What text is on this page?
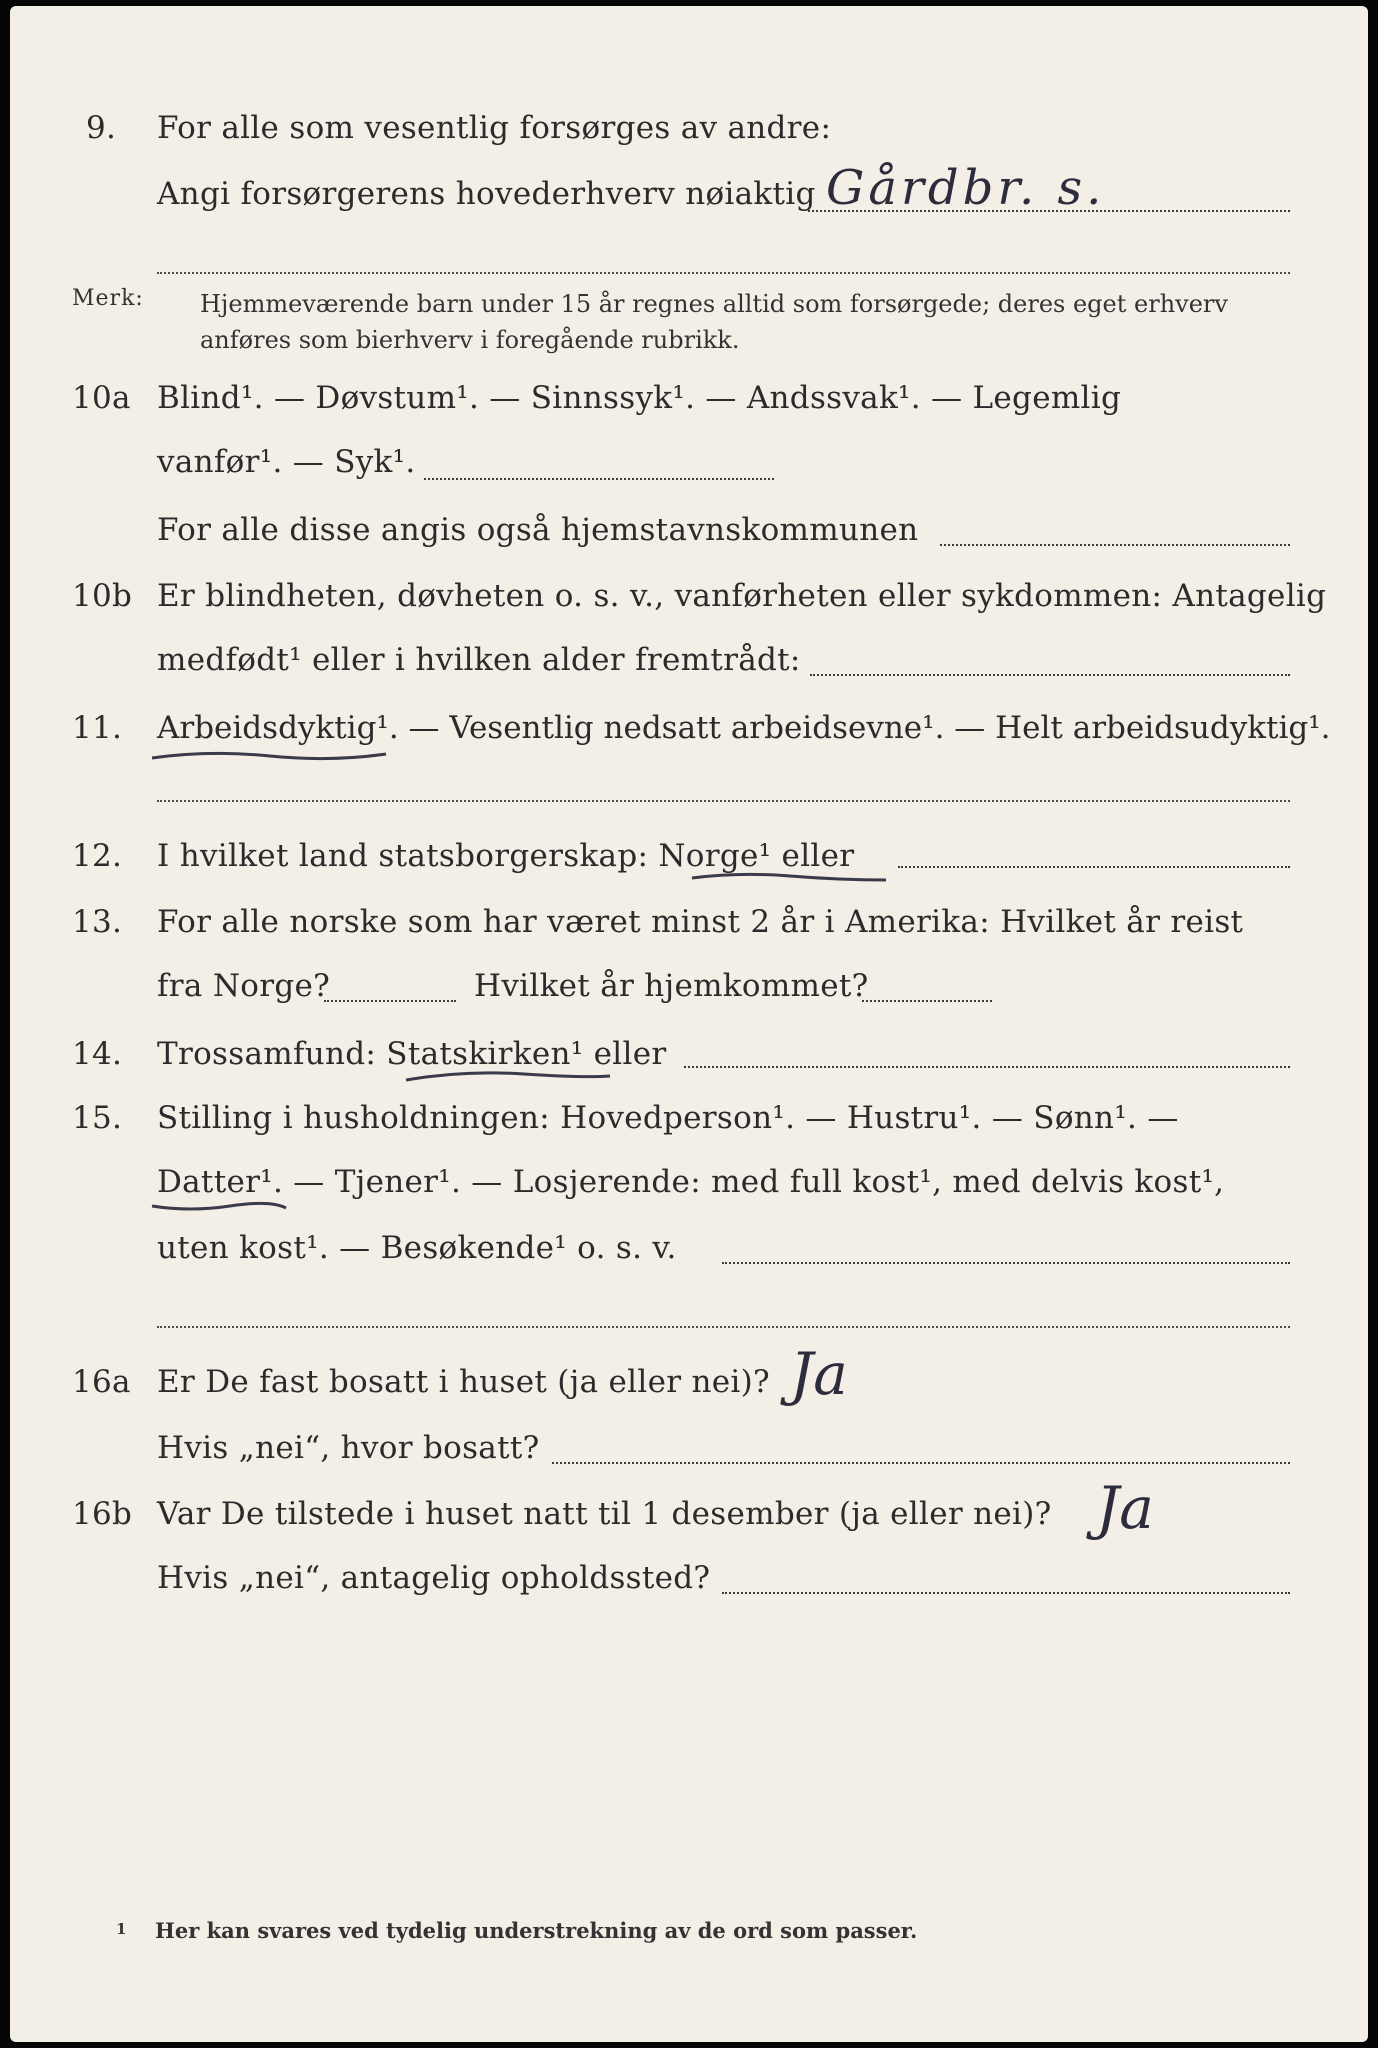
9. For alle som vesentlig forsørges av andre:
Angi forsørgerens hovederhverv nøiaktig Gårdbr. s.
Merk: Hjemmeværende barn under 15 år regnes alltid som forsørgede; deres eget erhverv
anføres som bierhverv i foregående rubrikk.
10a Blind¹. — Døvstum¹. — Sinnssyk¹. — Andssvak¹. — Legemlig
vanfør¹. — Syk¹.
For alle disse angis også hjemstavnskommunen
10b Er blindheten, døvheten o. s. v., vanførheten eller sykdommen: Antagelig
medfødt¹ eller i hvilken alder fremtrådt:
11. Arbeidsdyktig¹. — Vesentlig nedsatt arbeidsevne¹. — Helt arbeidsudyktig¹.
12. I hvilket land statsborgerskap: Norge¹ eller
13. For alle norske som har været minst 2 år i Amerika: Hvilket år reist
fra Norge?	Hvilket år hjemkommet?
14. Trossamfund: Statskirken¹ eller
15. Stilling i husholdningen: Hovedperson¹. — Hustru¹. — Sønn¹. —
Datter¹. — Tjener¹. — Losjerende: med full kost¹, med delvis kost¹,
uten kost¹. — Besøkende¹ o. s. v.
16a Er De fast bosatt i huset (ja eller nei)? Ja
Hvis „nei“, hvor bosatt?
16b Var De tilstede i huset natt til 1 desember (ja eller nei)? Ja
Hvis „nei“, antagelig opholdssted?
1 Her kan svares ved tydelig understrekning av de ord som passer.
